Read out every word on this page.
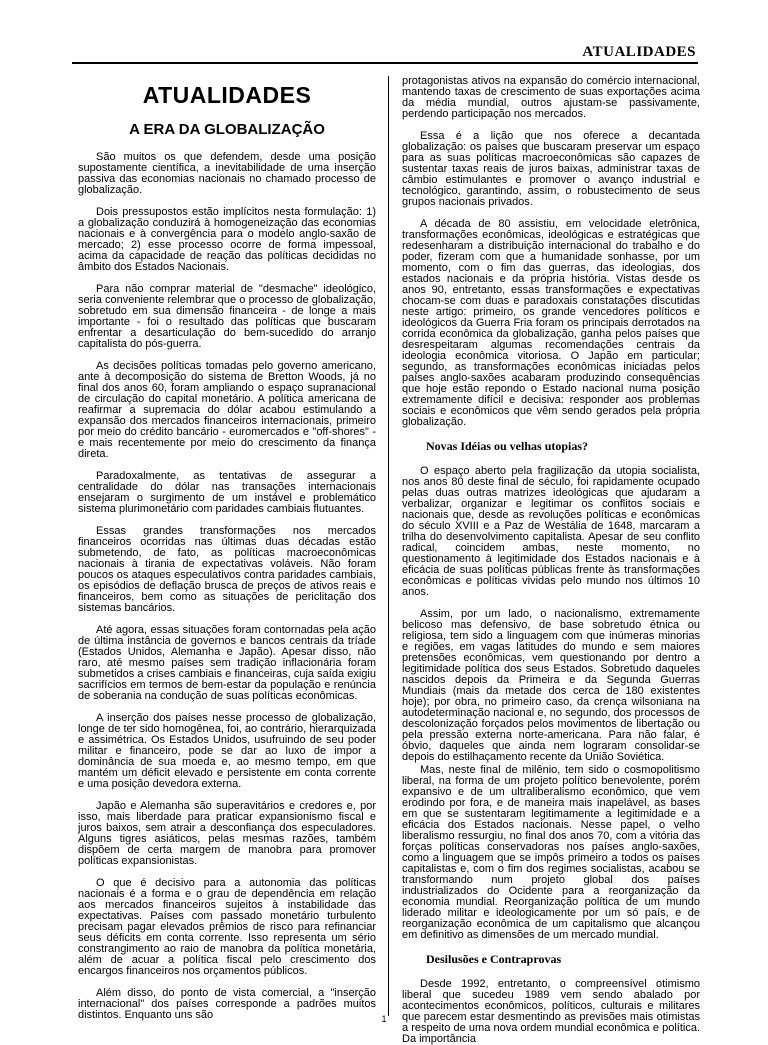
ATUALIDADES
ATUALIDADES
A ERA DA GLOBALIZAÇÃO

São muitos os que defendem, desde uma posição supostamente científica, a inevitabilidade de uma inserção passiva das economias nacionais no chamado processo de globalização.

Dois pressupostos estão implícitos nesta formulação: 1) a globalização conduzirá à homogeneização das economias nacionais e à convergência para o modelo anglo-saxão de mercado; 2) esse processo ocorre de forma impessoal, acima da capacidade de reação das políticas decididas no âmbito dos Estados Nacionais.

Para não comprar material de "desmache" ideológico, seria conveniente relembrar que o processo de globalização, sobretudo em sua dimensão financeira - de longe a mais importante - foi o resultado das políticas que buscaram enfrentar a desarticulação do bem-sucedido do arranjo capitalista do pós-guerra.

As decisões políticas tomadas pelo governo americano, ante à decomposição do sistema de Bretton Woods, já no final dos anos 60, foram ampliando o espaço supranacional de circulação do capital monetário. A política americana de reafirmar a supremacia do dólar acabou estimulando a expansão dos mercados financeiros internacionais, primeiro por meio do crédito bancário - euromercados e "off-shores" - e mais recentemente por meio do crescimento da finança direta.

Paradoxalmente, as tentativas de assegurar a centralidade do dólar nas transações internacionais ensejaram o surgimento de um instável e problemático sistema plurimonetário com paridades cambiais flutuantes.

Essas grandes transformações nos mercados financeiros ocorridas nas últimas duas décadas estão submetendo, de fato, as políticas macroeconômicas nacionais à tirania de expectativas voláveis. Não foram poucos os ataques especulativos contra paridades cambiais, os episódios de deflação brusca de preços de ativos reais e financeiros, bem como as situações de periclitação dos sistemas bancários.

Até agora, essas situações foram contornadas pela ação de última instância de governos e bancos centrais da tríade (Estados Unidos, Alemanha e Japão). Apesar disso, não raro, até mesmo países sem tradição inflacionária foram submetidos a crises cambiais e financeiras, cuja saída exigiu sacrifícios em termos de bem-estar da população e renúncia de soberania na condução de suas políticas econômicas.

A inserção dos países nesse processo de globalização, longe de ter sido homogênea, foi, ao contrário, hierarquizada e assimétrica. Os Estados Unidos, usufruindo de seu poder militar e financeiro, pode se dar ao luxo de impor a dominância de sua moeda e, ao mesmo tempo, em que mantém um déficit elevado e persistente em conta corrente e uma posição devedora externa.

Japão e Alemanha são superavitários e credores e, por isso, mais liberdade para praticar expansionismo fiscal e juros baixos, sem atrair a desconfiança dos especuladores. Alguns tigres asiáticos, pelas mesmas razões, também dispõem de certa margem de manobra para promover políticas expansionistas.

O que é decisivo para a autonomia das políticas nacionais é a forma e o grau de dependência em relação aos mercados financeiros sujeitos à instabilidade das expectativas. Países com passado monetário turbulento precisam pagar elevados prêmios de risco para refinanciar seus déficits em conta corrente. Isso representa um sério constrangimento ao raio de manobra da política monetária, além de acuar a política fiscal pelo crescimento dos encargos financeiros nos orçamentos públicos.

Além disso, do ponto de vista comercial, a "inserção internacional" dos países corresponde a padrões muitos distintos. Enquanto uns são

protagonistas ativos na expansão do comércio internacional, mantendo taxas de crescimento de suas exportações acima da média mundial, outros ajustam-se passivamente, perdendo participação nos mercados.

Essa é a lição que nos oferece a decantada globalização: os países que buscaram preservar um espaço para as suas políticas macroeconômicas são capazes de sustentar taxas reais de juros baixas, administrar taxas de câmbio estimulantes e promover o avanço industrial e tecnológico, garantindo, assim, o robustecimento de seus grupos nacionais privados.

A década de 80 assistiu, em velocidade eletrônica, transformações econômicas, ideológicas e estratégicas que redesenharam a distribuição internacional do trabalho e do poder, fizeram com que a humanidade sonhasse, por um momento, com o fim das guerras, das ideologias, dos estados nacionais e da própria história. Vistas desde os anos 90, entretanto, essas transformações e expectativas chocam-se com duas e paradoxais constatações discutidas neste artigo: primeiro, os grande vencedores políticos e ideológicos da Guerra Fria foram os principais derrotados na corrida econômica da globalização, ganha pelos países que desrespeitaram algumas recomendações centrais da ideologia econômica vitoriosa. O Japão em particular; segundo, as transformações econômicas iniciadas pelos países anglo-saxões acabaram produzindo consequências que hoje estão repondo o Estado nacional numa posição extremamente difícil e decisiva: responder aos problemas sociais e econômicos que vêm sendo gerados pela própria globalização.

Novas Idéias ou velhas utopias?

O espaço aberto pela fragilização da utopia socialista, nos anos 80 deste final de século, foi rapidamente ocupado pelas duas outras matrizes ideológicas que ajudaram a verbalizar, organizar e legitimar os conflitos sociais e nacionais que, desde as revoluções políticas e econômicas do século XVIII e a Paz de Westália de 1648, marcaram a trilha do desenvolvimento capitalista. Apesar de seu conflito radical, coincidem ambas, neste momento, no questionamento à legitimidade dos Estados nacionais e à eficácia de suas políticas públicas frente às transformações econômicas e políticas vividas pelo mundo nos últimos 10 anos.

Assim, por um lado, o nacionalismo, extremamente belicoso mas defensivo, de base sobretudo étnica ou religiosa, tem sido a linguagem com que inúmeras minorias e regiões, em vagas latitudes do mundo e sem maiores pretensões econômicas, vem questionando por dentro a legitimidade política dos seus Estados. Sobretudo daqueles nascidos depois da Primeira e da Segunda Guerras Mundiais (mais da metade dos cerca de 180 existentes hoje); por obra, no primeiro caso, da crença wilsoniana na autodeterminação nacional e, no segundo, dos processos de descolonização forçados pelos movimentos de libertação ou pela pressão externa norte-americana. Para não falar, é óbvio, daqueles que ainda nem lograram consolidar-se depois do estilhaçamento recente da União Soviética.

Mas, neste final de milênio, tem sido o cosmopolitismo liberal, na forma de um projeto político benevolente, porém expansivo e de um ultraliberalismo econômico, que vem erodindo por fora, e de maneira mais inapelável, as bases em que se sustentaram legitimamente a legitimidade e a eficácia dos Estados nacionais. Nesse papel, o velho liberalismo ressurgiu, no final dos anos 70, com a vitória das forças políticas conservadoras nos países anglo-saxões, como a linguagem que se impôs primeiro a todos os países capitalistas e, com o fim dos regimes socialistas, acabou se transformando num projeto global dos países industrializados do Ocidente para a reorganização da economia mundial. Reorganização política de um mundo liderado militar e ideologicamente por um só país, e de reorganização econômica de um capitalismo que alcançou em definitivo as dimensões de um mercado mundial.

Desilusões e Contraprovas

Desde 1992, entretanto, o compreensível otimismo liberal que sucedeu 1989 vem sendo abalado por acontecimentos econômicos, políticos, culturais e militares que parecem estar desmentindo as previsões mais otimistas a respeito de uma nova ordem mundial econômica e política. Da importância

1
